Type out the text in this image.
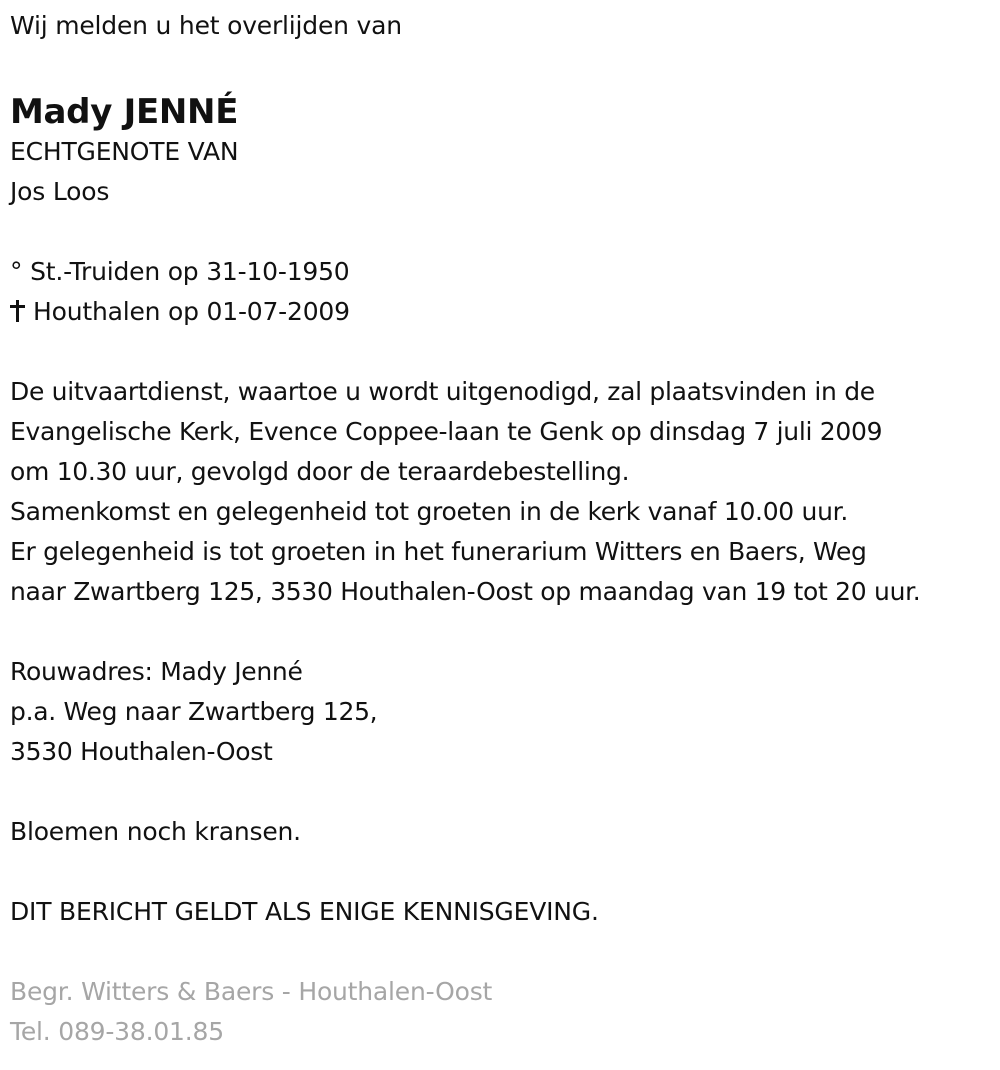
Wij melden u het overlijden van
Mady JENNÉ
ECHTGENOTE VAN
Jos Loos
° St.-Truiden op 31-10-1950
Houthalen op 01-07-2009
De uitvaartdienst, waartoe u wordt uitgenodigd, zal plaatsvinden in de
Evangelische Kerk, Evence Coppee-laan te Genk op dinsdag 7 juli 2009
om 10.30 uur, gevolgd door de teraardebestelling.
Samenkomst en gelegenheid tot groeten in de kerk vanaf 10.00 uur.
Er gelegenheid is tot groeten in het funerarium Witters en Baers, Weg
naar Zwartberg 125, 3530 Houthalen-Oost op maandag van 19 tot 20 uur.
Rouwadres: Mady Jenné
p.a. Weg naar Zwartberg 125,
3530 Houthalen-Oost
Bloemen noch kransen.
DIT BERICHT GELDT ALS ENIGE KENNISGEVING.
Begr. Witters & Baers - Houthalen-Oost
Tel. 089-38.01.85
